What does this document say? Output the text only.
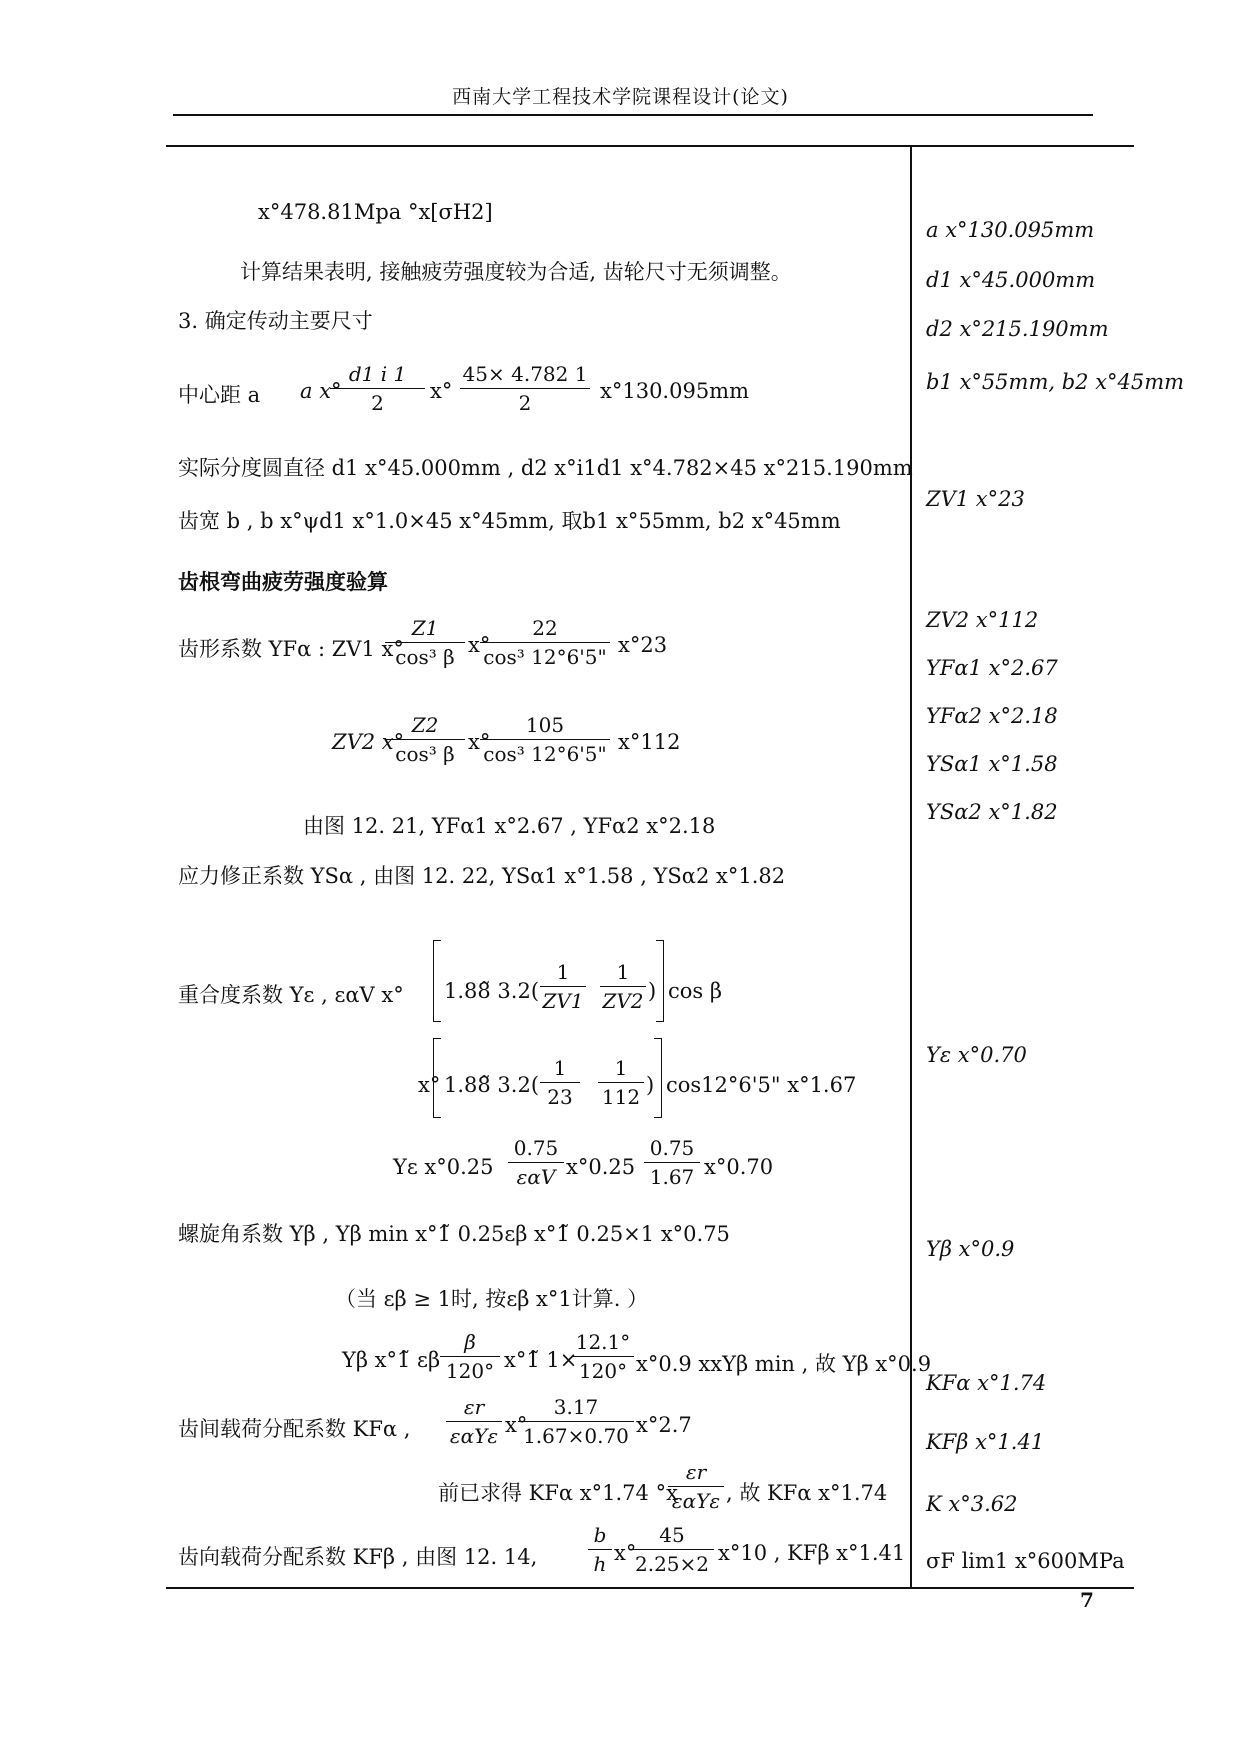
西南大学工程技术学院课程设计(论文)
ⅹ°478.81Mpa °ⅹ[σH2]
计算结果表明, 接触疲劳强度较为合适, 齿轮尺寸无须调整。
3. 确定传动主要尺寸
中心距 a a ⅹ°
d1 i 1
2	ⅹ°
45× 4.782 1
2	ⅹ°130.095mm
实际分度圆直径 d1 ⅹ°45.000mm , d2 ⅹ°i1d1 ⅹ°4.782×45 ⅹ°215.190mm
齿宽 b , b ⅹ°ψd1 ⅹ°1.0×45 ⅹ°45mm, 取b1 ⅹ°55mm, b2 ⅹ°45mm
齿根弯曲疲劳强度验算
齿形系数 YFα : ZV1 ⅹ°
Z1
cos³ β ⅹ°
22
cos³ 12°6'5" ⅹ°23
ZV2 ⅹ°
Z2
cos³ β ⅹ°
105
cos³ 12°6'5" ⅹ°112
由图 12. 21, YFα1 ⅹ°2.67 , YFα2 ⅹ°2.18
应力修正系数 YSα , 由图 12. 22, YSα1 ⅹ°1.58 , YSα2 ⅹ°1.82
重合度系数 Yε , εαV ⅹ° 1.88̃ 3.2(
1
ZV1
1
ZV2 ) cos β
ⅹ° 1.88̃ 3.2(
1
23
1
112 ) cos12°6'5" ⅹ°1.67
Yε ⅹ°0.25
0.75
εαV ⅹ°0.25
0.75
1.67 ⅹ°0.70
螺旋角系数 Yβ , Yβ min ⅹ°1̃ 0.25εβ ⅹ°1̃ 0.25×1 ⅹ°0.75
（当 εβ ≥ 1时, 按εβ ⅹ°1计算. ）
Yβ ⅹ°1̃ εβ
β
120° ⅹ°1̃ 1×
12.1°
120° ⅹ°0.9 ⅹⅹYβ min , 故 Yβ ⅹ°0.9
齿间载荷分配系数 KFα ,
εr
εαYε ⅹ°
3.17
1.67×0.70 ⅹ°2.7
前已求得 KFα ⅹ°1.74 °ⅹ
εr
εαYε , 故 KFα ⅹ°1.74
齿向载荷分配系数 KFβ , 由图 12. 14,
b
h ⅹ°
45
2.25×2 ⅹ°10 , KFβ ⅹ°1.41
a ⅹ°130.095mm
d1 ⅹ°45.000mm
d2 ⅹ°215.190mm
b1 ⅹ°55mm, b2 ⅹ°45mm
ZV1 ⅹ°23
ZV2 ⅹ°112
YFα1 ⅹ°2.67
YFα2 ⅹ°2.18
YSα1 ⅹ°1.58
YSα2 ⅹ°1.82
Yε ⅹ°0.70
Yβ ⅹ°0.9
KFα ⅹ°1.74
KFβ ⅹ°1.41
K ⅹ°3.62
σF lim1 ⅹ°600MPa
7
